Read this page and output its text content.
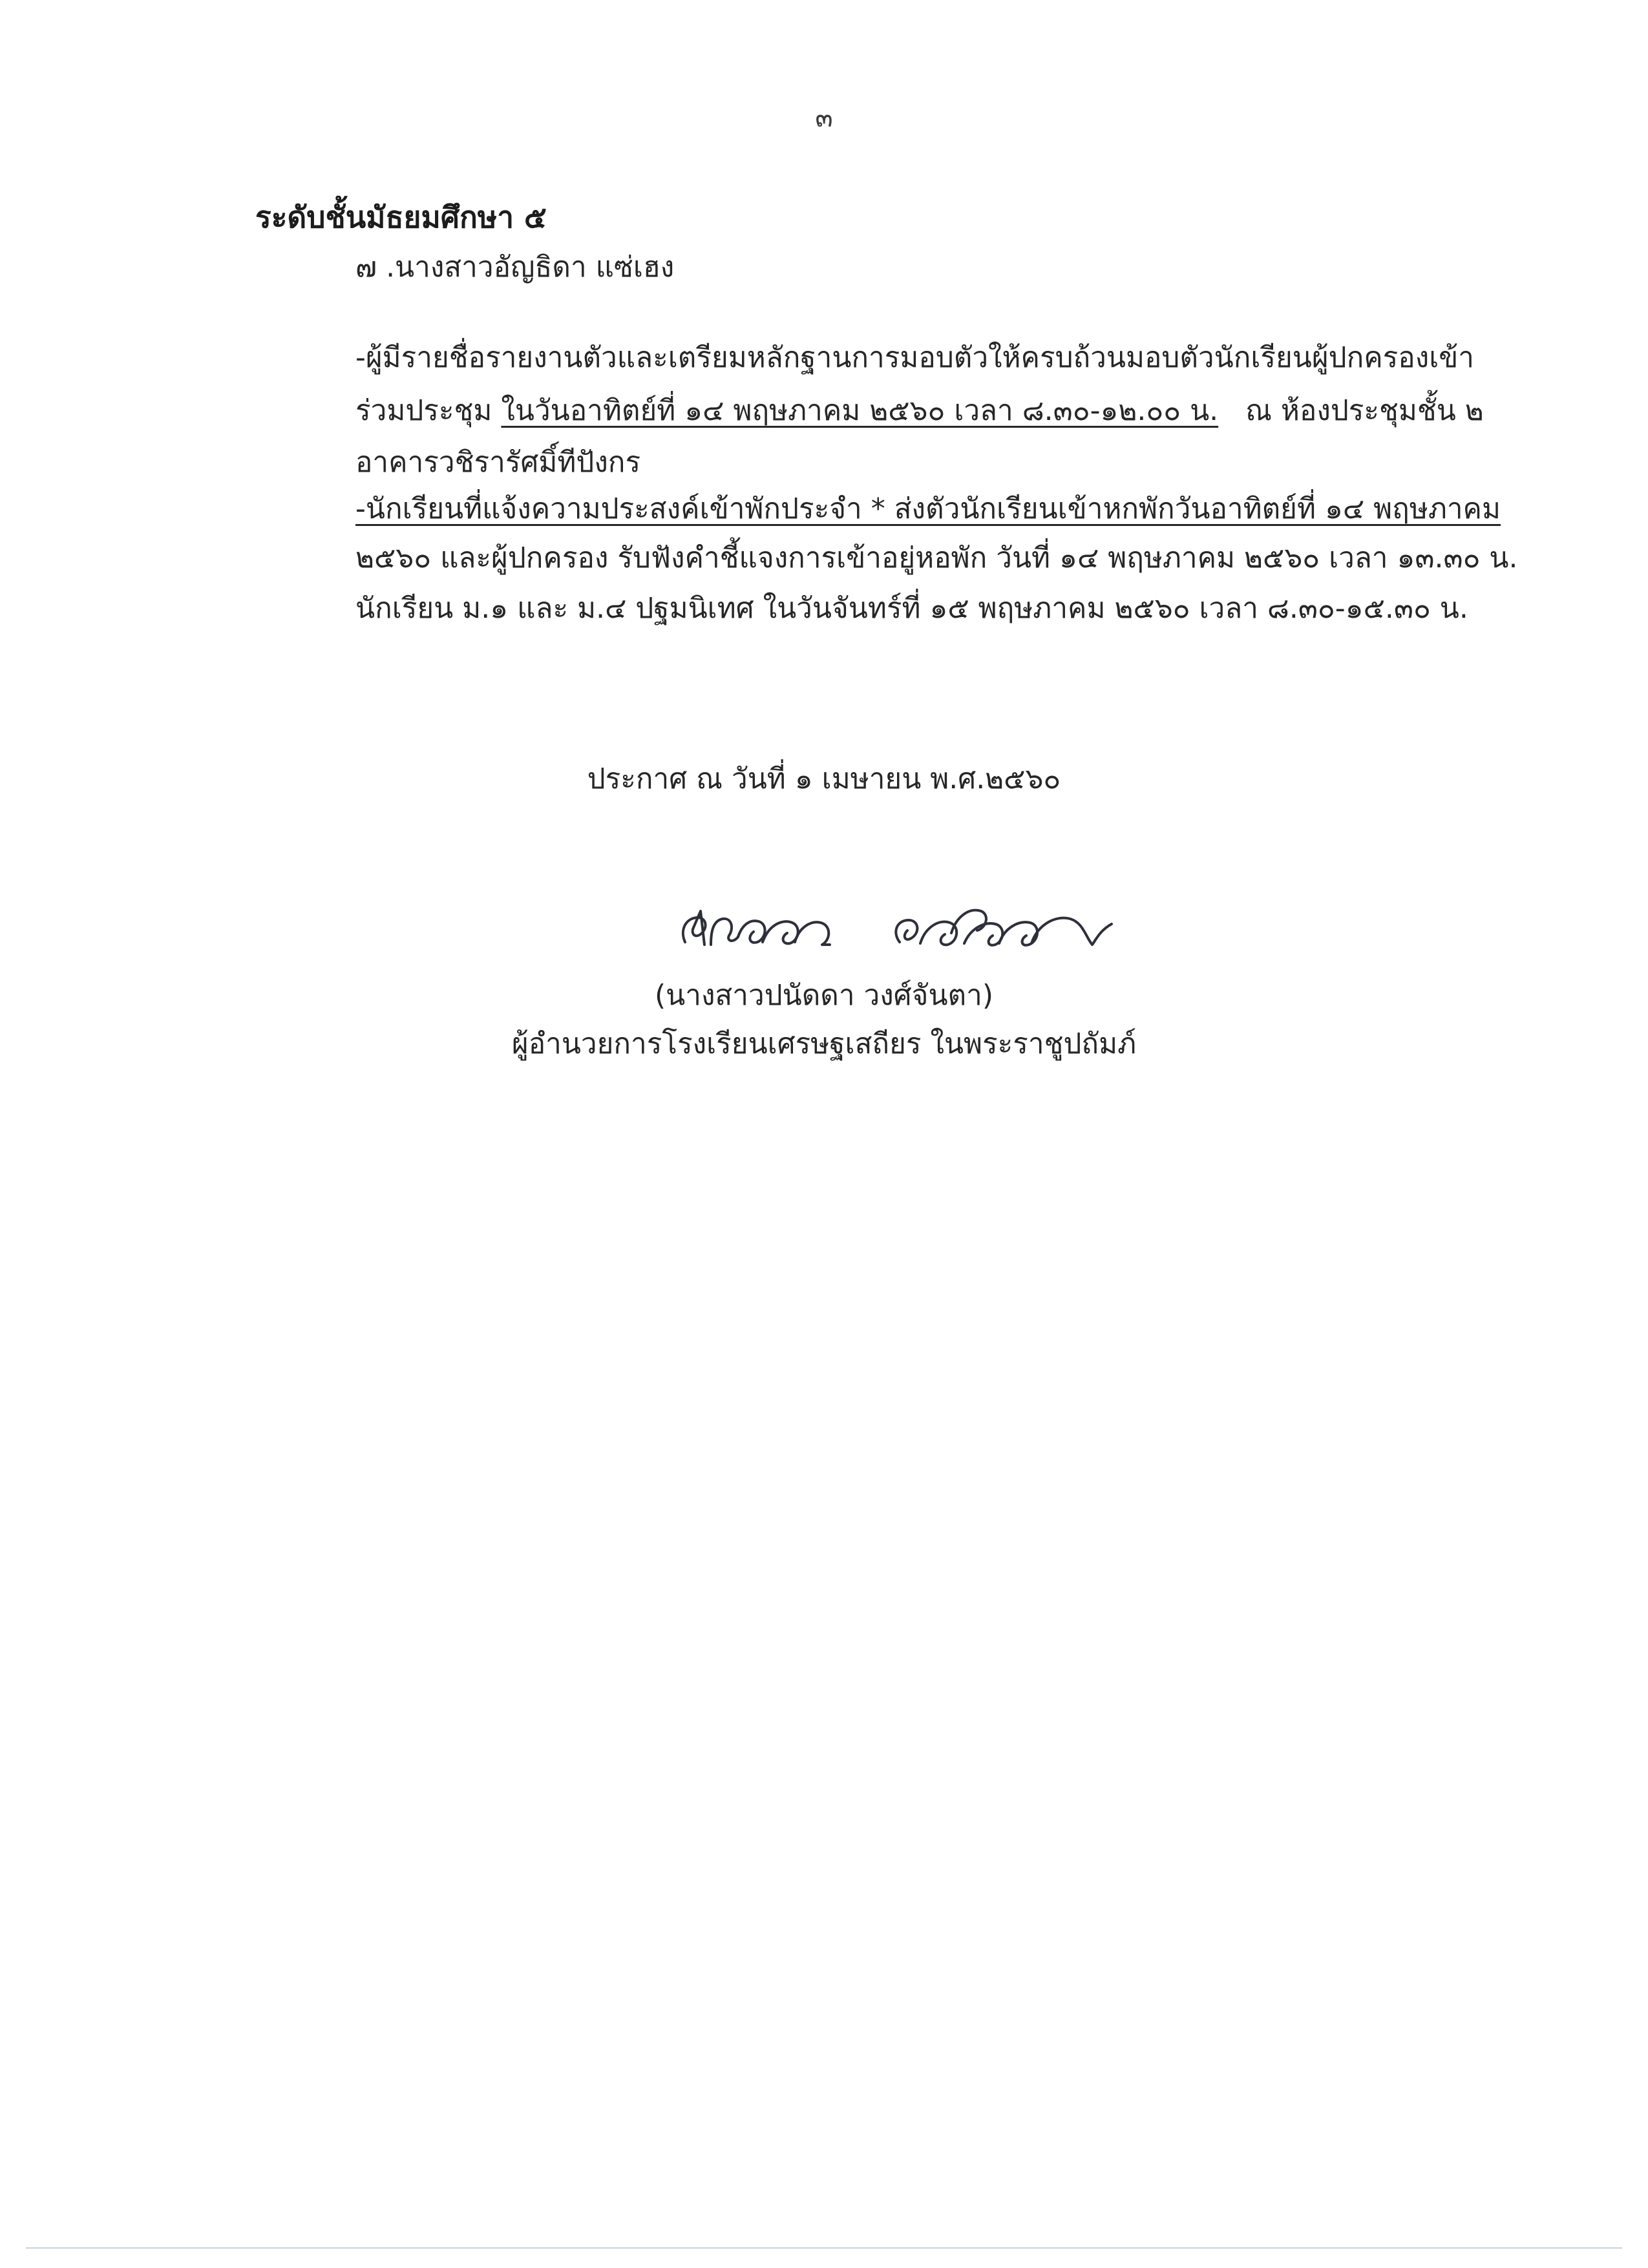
๓
ระดับชั้นมัธยมศึกษา ๕
๗ .นางสาวอัญธิดา แซ่เฮง
-ผู้มีรายชื่อรายงานตัวแล ะเตรียมหลักฐานการมอบตัว ให้ครบถ้วน มอบตัวนักเรียน ผู้ปกครอง เข้า
ร่วมประชุม ในวันอาทิตย์ที่ ๑๔ พฤษภาคม ๒๕๖๐ เวลา ๘.๓๐-๑๒.๐๐ น.   ณ ห้องประชุมชั้น ๒
อาคารวชิรารัศมิ์ทีปังกร
-นักเรียนที่แจ้งความประสงค์เข้าพักประจำ * ส่งตัวนักเรียนเข้าหกพักวันอาทิตย์ที่ ๑๔ พฤษภาคม
๒๕๖๐ และผู้ปกครอง รับฟังคำชี้แจงการเข้าอยู่หอพัก วันที่ ๑๔ พฤษภาคม ๒๕๖๐ เวลา ๑๓.๓๐ น.
นักเรียน ม.๑ และ ม.๔ ปฐมนิเทศ ในวันจันทร์ที่ ๑๕ พฤษภาคม ๒๕๖๐ เวลา ๘.๓๐-๑๕.๓๐ น.
ประกาศ ณ วันที่ ๑ เมษายน พ.ศ.๒๕๖๐
(นางสาวปนัดดา วงศ์จันตา)
ผู้อำนวยการโรงเรียนเศรษฐเสถียร ในพระราชูปถัมภ์
